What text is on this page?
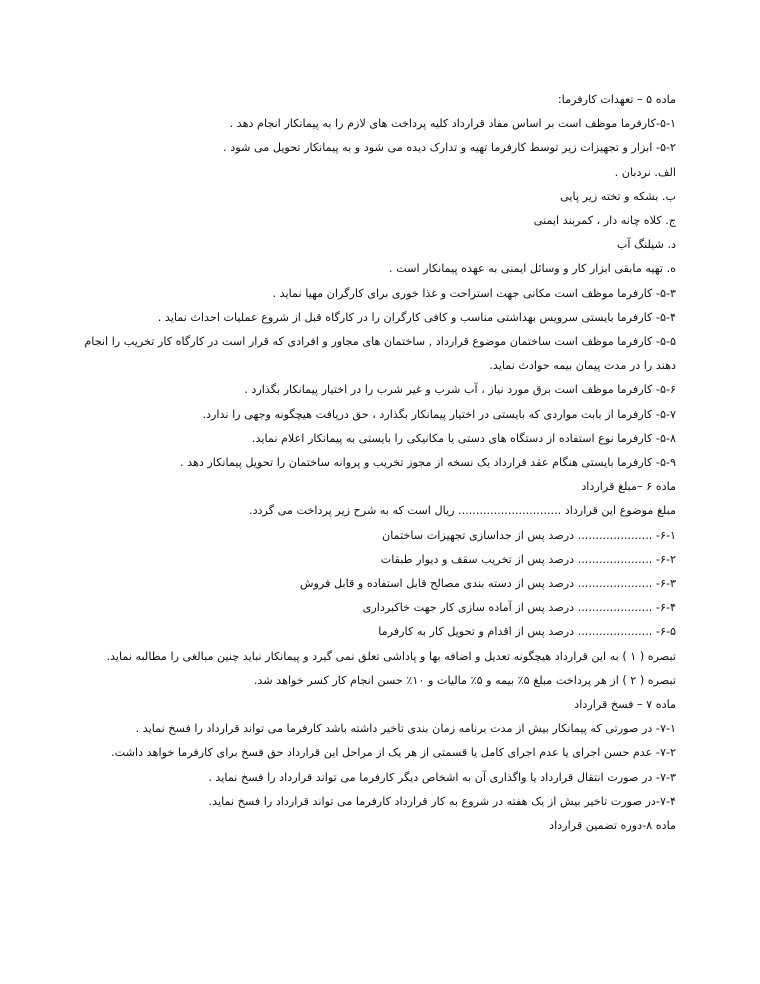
ماده ۵ – تعهدات کارفرما:

۵-۱-کارفرما موظف است بر اساس مفاد قرارداد کلیه پرداخت های لازم را به پیمانکار انجام دهد .

۵-۲- ابزار و تجهیزات زیر توسط کارفرما تهیه و تدارک دیده می شود و به پیمانکار تحویل می شود .

الف. نردبان .

ب. بشکه و تخته زیر پایی

ج. کلاه چانه دار ، کمربند ایمنی

د. شیلنگ آب

ه. تهیه مابقی ابزار کار و وسائل ایمنی به عهده پیمانکار است .

۵-۳- کارفرما موظف است مکانی جهت استراحت و غذا خوری برای کارگران مهیا نماید .

۵-۴- کارفرما بایستی سرویس بهداشتی مناسب و کافی کارگران را در کارگاه قبل از شروع عملیات احداث نماید .

۵-۵- کارفرما موظف است ساختمان موضوع قرارداد , ساختمان های مجاور و افرادی که قرار است در کارگاه کار تخریب را انجام

دهند را در مدت پیمان بیمه حوادث نماید.

۵-۶- کارفرما موظف است برق مورد نیاز ، آب شرب و غیر شرب را در اختیار پیمانکار بگذارد .

۵-۷- کارفرما از بابت مواردی که بایستی در اختیار پیمانکار بگذارد ، حق دریافت هیچگونه وجهی را ندارد.

۵-۸- کارفرما نوع استفاده از دستگاه های دستی یا مکانیکی را بایستی به پیمانکار اعلام نماید.

۵-۹- کارفرما بایستی هنگام عقد قرارداد یک نسخه از مجوز تخریب و پروانه ساختمان را تحویل پیمانکار دهد .

ماده ۶ –مبلغ قرارداد

مبلغ موضوع این قرارداد ............................. ریال است که به شرح زیر پرداخت می گردد.

۶-۱- ..................... درصد پس از جداسازی تجهیزات ساختمان

۶-۲- ..................... درصد پس از تخریب سقف و دیوار طبقات

۶-۳- ..................... درصد پس از دسته بندی مصالح قابل استفاده و قابل فروش

۶-۴- ..................... درصد پس از آماده سازی کار جهت خاکبرداری

۶-۵- ..................... درصد پس از اقدام و تحویل کار به کارفرما

تبصره ( ۱ ) به این قرارداد هیچگونه تعدیل و اضافه بها و پاداشی تعلق نمی گیرد و پیمانکار نباید چنین مبالغی را مطالبه نماید.

تبصره ( ۲ ) از هر پرداخت مبلغ ۵٪ بیمه و ۵٪ مالیات و ۱۰٪ حسن انجام کار کسر خواهد شد.

ماده ۷ – فسخ قرارداد

۷-۱- در صورتی که پیمانکار بیش از مدت برنامه زمان بندی تاخیر داشته باشد کارفرما می تواند قرارداد را فسخ نماید .

۷-۲- عدم حسن اجرای یا عدم اجرای کامل یا قسمتی از هر یک از مراحل این قرارداد حق فسخ برای کارفرما خواهد داشت.

۷-۳- در صورت انتقال قرارداد یا واگذاری آن به اشخاص دیگر کارفرما می تواند قرارداد را فسخ نماید .

۷-۴-در صورت تاخیر بیش از یک هفته در شروع به کار قرارداد کارفرما می تواند قرارداد را فسخ نماید.

ماده ۸-دوره تضمین قرارداد
